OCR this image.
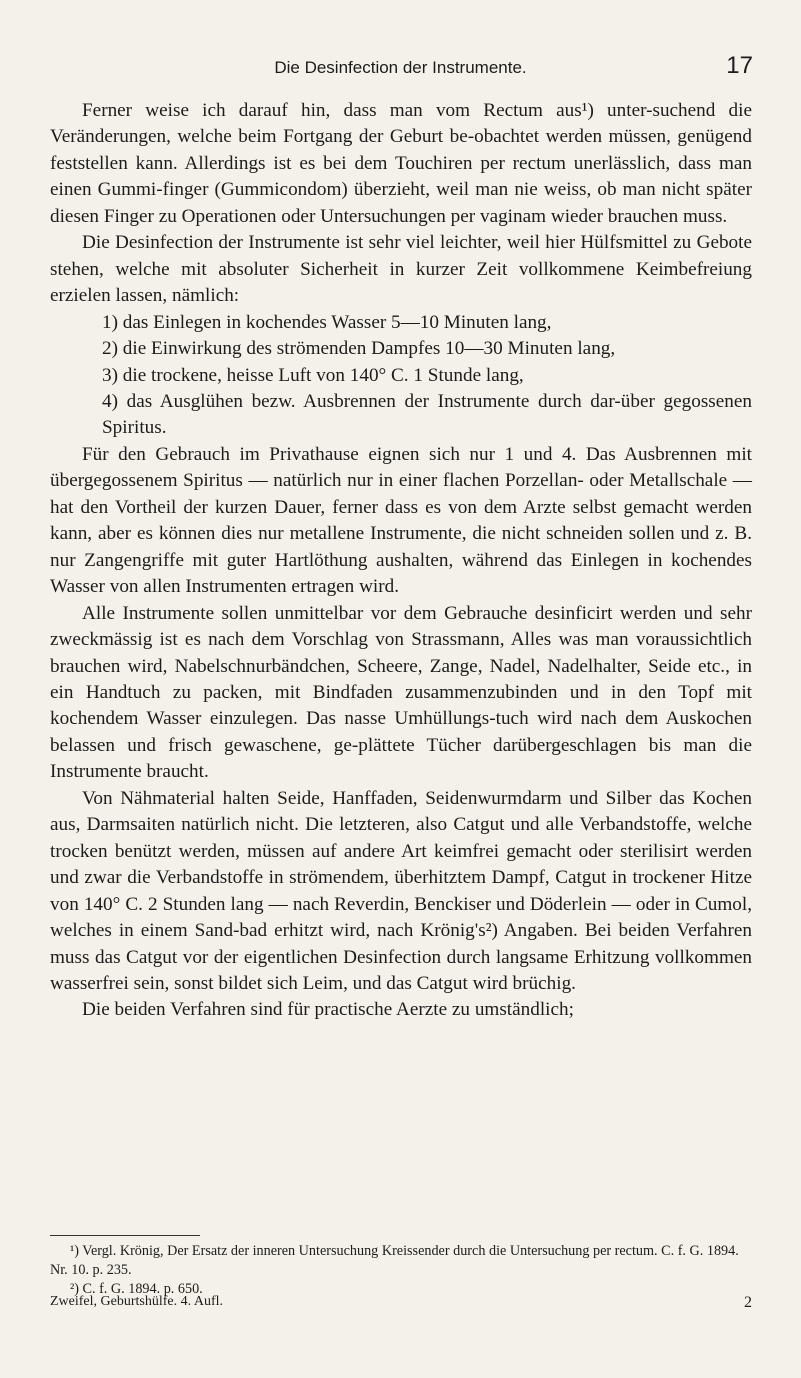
Die Desinfection der Instrumente.	17

Ferner weise ich darauf hin, dass man vom Rectum aus¹) unter-suchend die Veränderungen, welche beim Fortgang der Geburt be-obachtet werden müssen, genügend feststellen kann. Allerdings ist es bei dem Touchiren per rectum unerlässlich, dass man einen Gummi-finger (Gummicondom) überzieht, weil man nie weiss, ob man nicht später diesen Finger zu Operationen oder Untersuchungen per vaginam wieder brauchen muss.

Die Desinfection der Instrumente ist sehr viel leichter, weil hier Hülfsmittel zu Gebote stehen, welche mit absoluter Sicherheit in kurzer Zeit vollkommene Keimbefreiung erzielen lassen, nämlich:

1) das Einlegen in kochendes Wasser 5—10 Minuten lang,
2) die Einwirkung des strömenden Dampfes 10—30 Minuten lang,
3) die trockene, heisse Luft von 140° C. 1 Stunde lang,
4) das Ausglühen bezw. Ausbrennen der Instrumente durch dar-über gegossenen Spiritus.

Für den Gebrauch im Privathause eignen sich nur 1 und 4. Das Ausbrennen mit übergegossenem Spiritus — natürlich nur in einer flachen Porzellan- oder Metallschale — hat den Vortheil der kurzen Dauer, ferner dass es von dem Arzte selbst gemacht werden kann, aber es können dies nur metallene Instrumente, die nicht schneiden sollen und z. B. nur Zangengriffe mit guter Hartlöthung aushalten, während das Einlegen in kochendes Wasser von allen Instrumenten ertragen wird.

Alle Instrumente sollen unmittelbar vor dem Gebrauche desinficirt werden und sehr zweckmässig ist es nach dem Vorschlag von Strassmann, Alles was man voraussichtlich brauchen wird, Nabelschnurbändchen, Scheere, Zange, Nadel, Nadelhalter, Seide etc., in ein Handtuch zu packen, mit Bindfaden zusammenzubinden und in den Topf mit kochendem Wasser einzulegen. Das nasse Umhüllungs-tuch wird nach dem Auskochen belassen und frisch gewaschene, ge-plättete Tücher darübergeschlagen bis man die Instrumente braucht.

Von Nähmaterial halten Seide, Hanffaden, Seidenwurmdarm und Silber das Kochen aus, Darmsaiten natürlich nicht. Die letzteren, also Catgut und alle Verbandstoffe, welche trocken benützt werden, müssen auf andere Art keimfrei gemacht oder sterilisirt werden und zwar die Verbandstoffe in strömendem, überhitztem Dampf, Catgut in trockener Hitze von 140° C. 2 Stunden lang — nach Reverdin, Benckiser und Döderlein — oder in Cumol, welches in einem Sand-bad erhitzt wird, nach Krönig's²) Angaben. Bei beiden Verfahren muss das Catgut vor der eigentlichen Desinfection durch langsame Erhitzung vollkommen wasserfrei sein, sonst bildet sich Leim, und das Catgut wird brüchig.

Die beiden Verfahren sind für practische Aerzte zu umständlich;

¹) Vergl. Krönig, Der Ersatz der inneren Untersuchung Kreissender durch die Untersuchung per rectum. C. f. G. 1894. Nr. 10. p. 235.

²) C. f. G. 1894. p. 650.

Zweifel, Geburtshülfe. 4. Aufl.	2
